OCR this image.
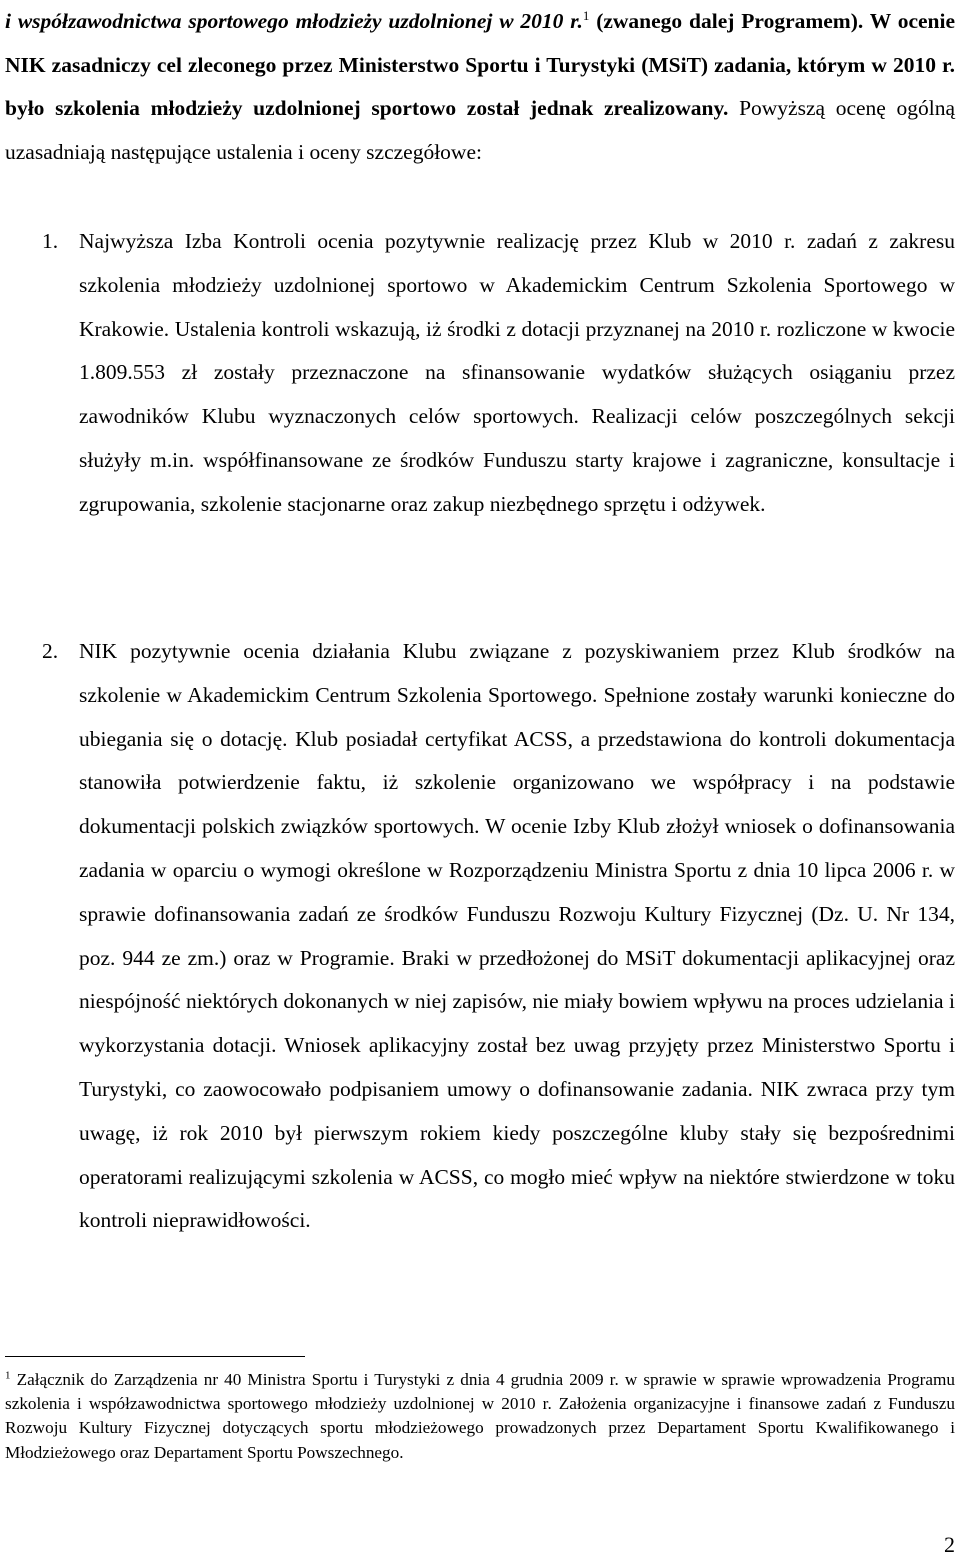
i współzawodnictwa sportowego młodzieży uzdolnionej w 2010 r.$^1$ (zwanego dalej Programem). W ocenie NIK zasadniczy cel zleconego przez Ministerstwo Sportu i Turystyki (MSiT) zadania, którym w 2010 r. było szkolenia młodzieży uzdolnionej sportowo został jednak zrealizowany. Powyższą ocenę ogólną uzasadniają następujące ustalenia i oceny szczegółowe:
1. Najwyższa Izba Kontroli ocenia pozytywnie realizację przez Klub w 2010 r. zadań z zakresu szkolenia młodzieży uzdolnionej sportowo w Akademickim Centrum Szkolenia Sportowego w Krakowie. Ustalenia kontroli wskazują, iż środki z dotacji przyznanej na 2010 r. rozliczone w kwocie 1.809.553 zł zostały przeznaczone na sfinansowanie wydatków służących osiąganiu przez zawodników Klubu wyznaczonych celów sportowych. Realizacji celów poszczególnych sekcji służyły m.in. współfinansowane ze środków Funduszu starty krajowe i zagraniczne, konsultacje i zgrupowania, szkolenie stacjonarne oraz zakup niezbędnego sprzętu i odżywek.
2. NIK pozytywnie ocenia działania Klubu związane z pozyskiwaniem przez Klub środków na szkolenie w Akademickim Centrum Szkolenia Sportowego. Spełnione zostały warunki konieczne do ubiegania się o dotację. Klub posiadał certyfikat ACSS, a przedstawiona do kontroli dokumentacja stanowiła potwierdzenie faktu, iż szkolenie organizowano we współpracy i na podstawie dokumentacji polskich związków sportowych. W ocenie Izby Klub złożył wniosek o dofinansowania zadania w oparciu o wymogi określone w Rozporządzeniu Ministra Sportu z dnia 10 lipca 2006 r. w sprawie dofinansowania zadań ze środków Funduszu Rozwoju Kultury Fizycznej (Dz. U. Nr 134, poz. 944 ze zm.) oraz w Programie. Braki w przedłożonej do MSiT dokumentacji aplikacyjnej oraz niespójność niektórych dokonanych w niej zapisów, nie miały bowiem wpływu na proces udzielania i wykorzystania dotacji. Wniosek aplikacyjny został bez uwag przyjęty przez Ministerstwo Sportu i Turystyki, co zaowocowało podpisaniem umowy o dofinansowanie zadania. NIK zwraca przy tym uwagę, iż rok 2010 był pierwszym rokiem kiedy poszczególne kluby stały się bezpośrednimi operatorami realizującymi szkolenia w ACSS, co mogło mieć wpływ na niektóre stwierdzone w toku kontroli nieprawidłowości.
$^1$ Załącznik do Zarządzenia nr 40 Ministra Sportu i Turystyki z dnia 4 grudnia 2009 r. w sprawie w sprawie wprowadzenia Programu szkolenia i współzawodnictwa sportowego młodzieży uzdolnionej w 2010 r. Założenia organizacyjne i finansowe zadań z Funduszu Rozwoju Kultury Fizycznej dotyczących sportu młodzieżowego prowadzonych przez Departament Sportu Kwalifikowanego i Młodzieżowego oraz Departament Sportu Powszechnego.
2
